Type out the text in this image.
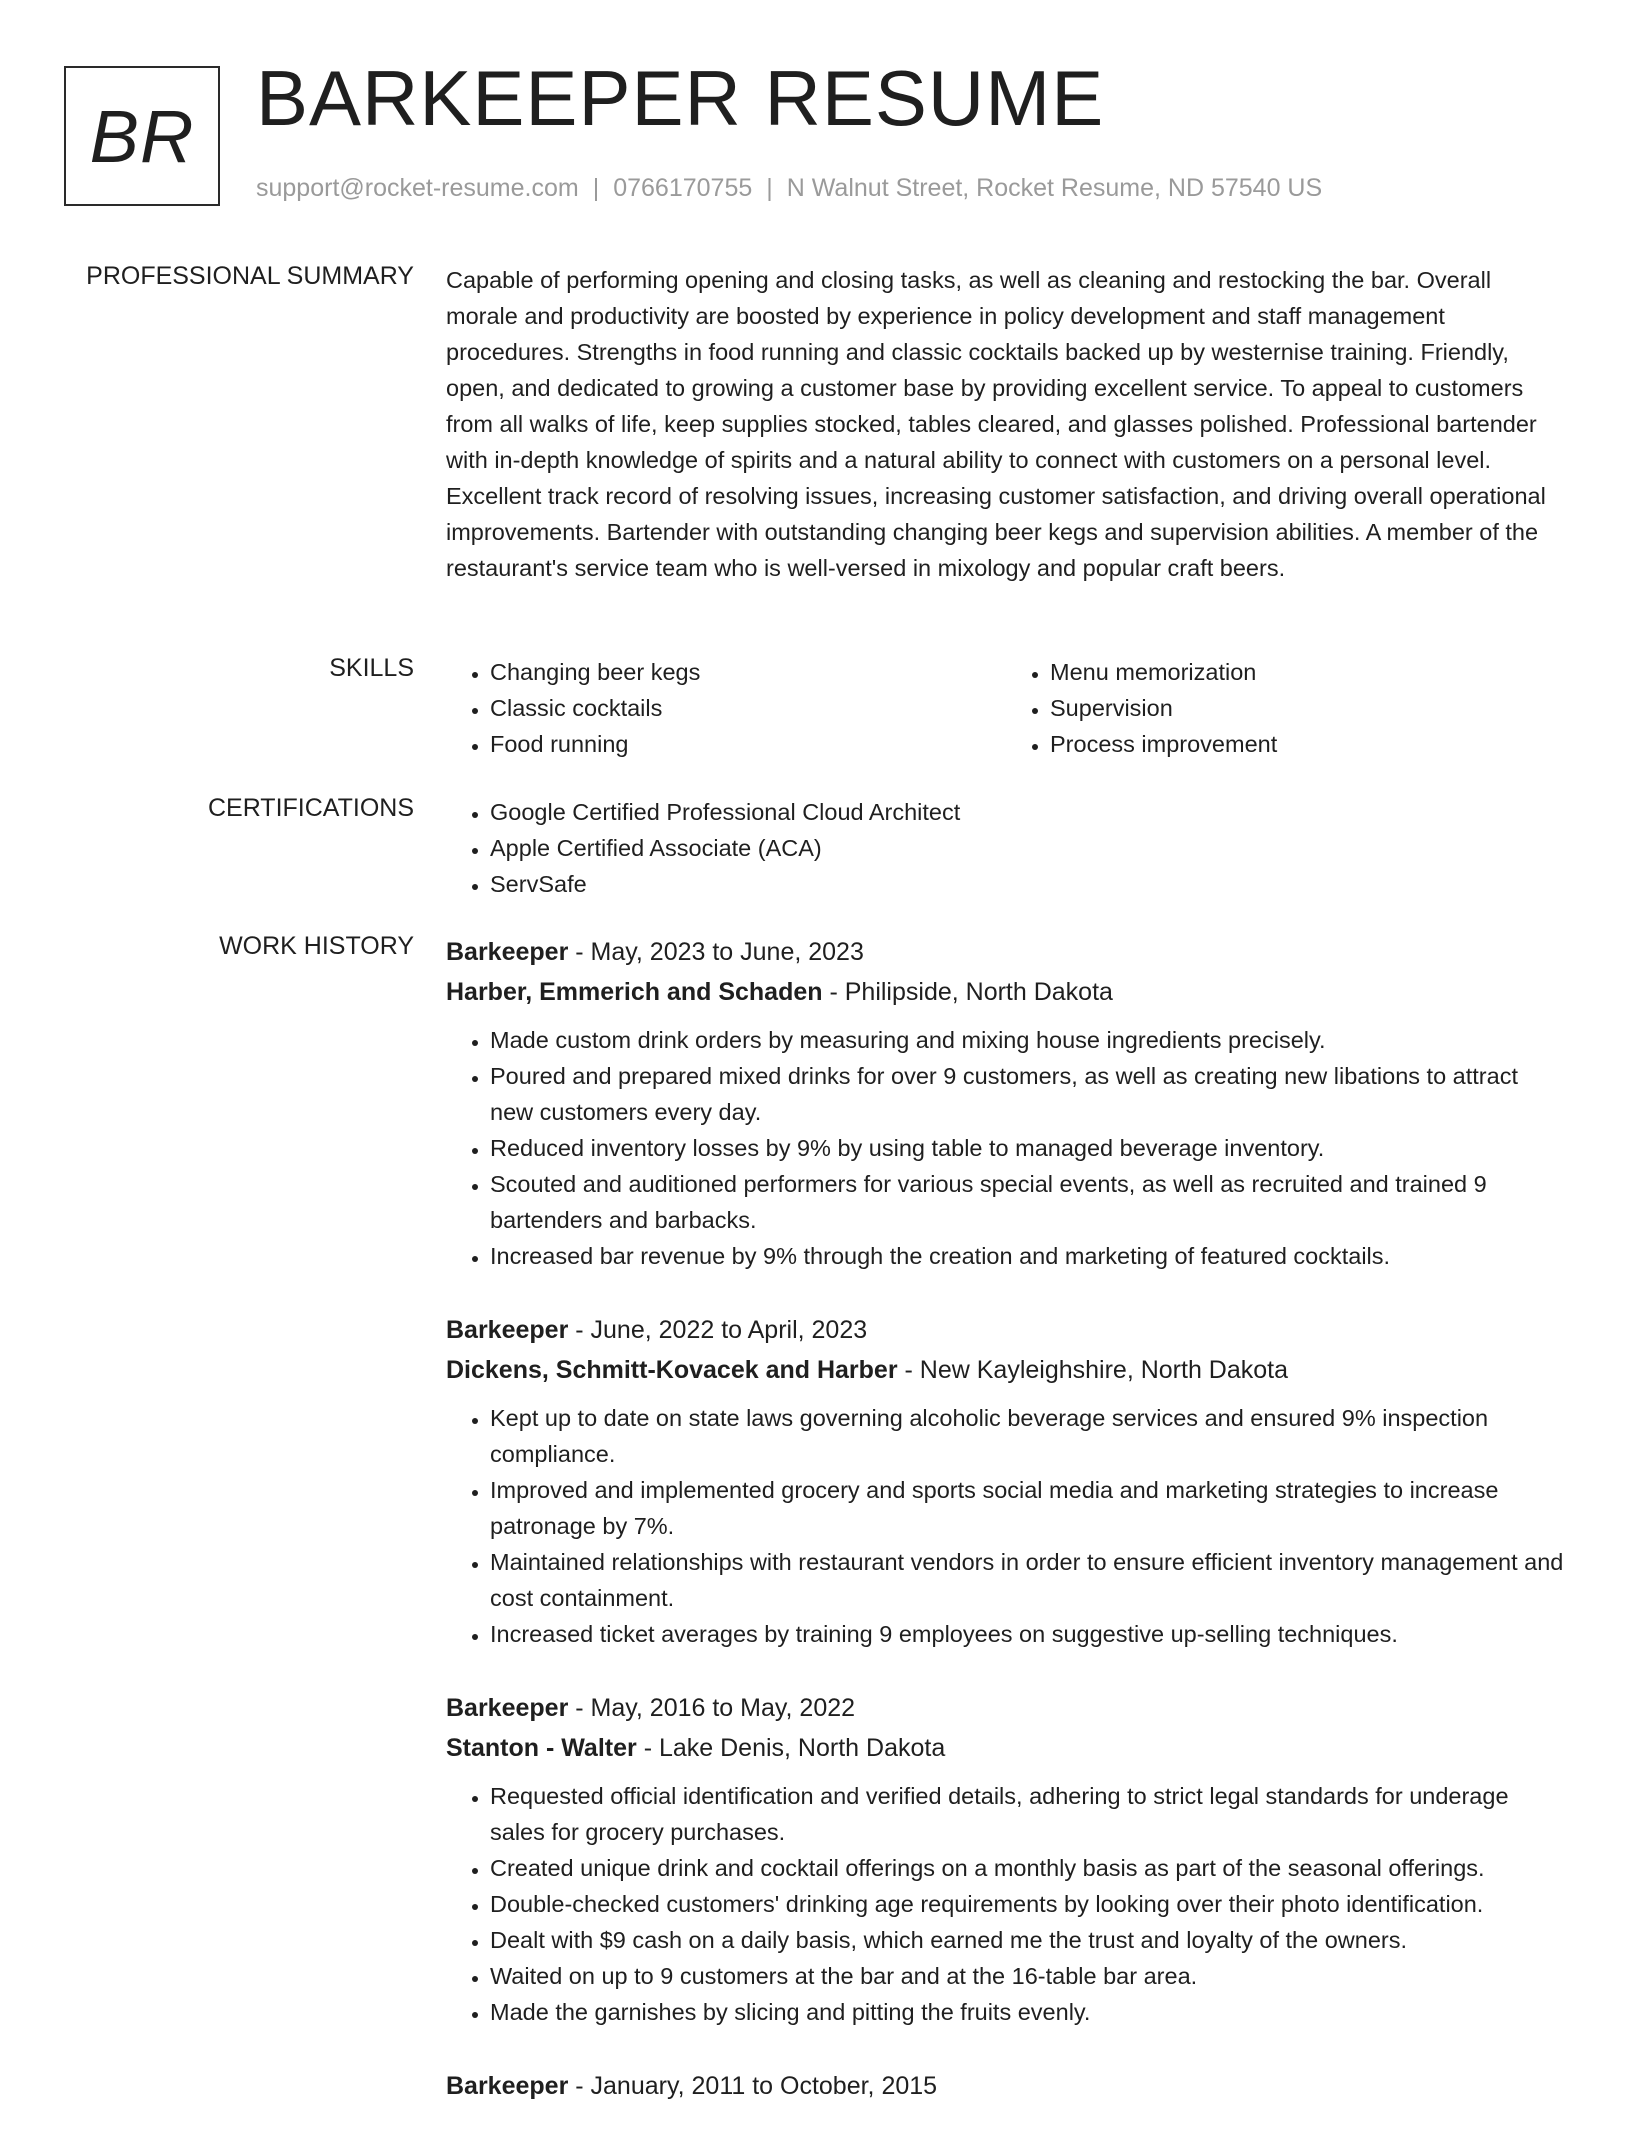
BR BARKEEPER RESUME
support@rocket-resume.com | 0766170755 | N Walnut Street, Rocket Resume, ND 57540 US
PROFESSIONAL SUMMARY Capable of performing opening and closing tasks, as well as cleaning and restocking the bar. Overall morale and productivity are boosted by experience in policy development and staff management procedures. Strengths in food running and classic cocktails backed up by westernise training. Friendly, open, and dedicated to growing a customer base by providing excellent service. To appeal to customers from all walks of life, keep supplies stocked, tables cleared, and glasses polished. Professional bartender with in-depth knowledge of spirits and a natural ability to connect with customers on a personal level. Excellent track record of resolving issues, increasing customer satisfaction, and driving overall operational improvements. Bartender with outstanding changing beer kegs and supervision abilities. A member of the restaurant's service team who is well-versed in mixology and popular craft beers.

SKILLS	• Changing beer kegs
• Classic cocktails
• Food running
• Menu memorization
• Supervision
• Process improvement
CERTIFICATIONS	• Google Certified Professional Cloud Architect
• Apple Certified Associate (ACA)
• ServSafe
WORK HISTORY Barkeeper - May, 2023 to June, 2023
Harber, Emmerich and Schaden - Philipside, North Dakota
• Made custom drink orders by measuring and mixing house ingredients precisely.
• Poured and prepared mixed drinks for over 9 customers, as well as creating new libations to attract new customers every day.
• Reduced inventory losses by 9% by using table to managed beverage inventory.
• Scouted and auditioned performers for various special events, as well as recruited and trained 9 bartenders and barbacks.
• Increased bar revenue by 9% through the creation and marketing of featured cocktails.
Barkeeper - June, 2022 to April, 2023
Dickens, Schmitt-Kovacek and Harber - New Kayleighshire, North Dakota
• Kept up to date on state laws governing alcoholic beverage services and ensured 9% inspection compliance.
• Improved and implemented grocery and sports social media and marketing strategies to increase patronage by 7%.
• Maintained relationships with restaurant vendors in order to ensure efficient inventory management and cost containment.
• Increased ticket averages by training 9 employees on suggestive up-selling techniques.
Barkeeper - May, 2016 to May, 2022
Stanton - Walter - Lake Denis, North Dakota
• Requested official identification and verified details, adhering to strict legal standards for underage sales for grocery purchases.
• Created unique drink and cocktail offerings on a monthly basis as part of the seasonal offerings.
• Double-checked customers' drinking age requirements by looking over their photo identification.
• Dealt with $9 cash on a daily basis, which earned me the trust and loyalty of the owners.
• Waited on up to 9 customers at the bar and at the 16-table bar area.
• Made the garnishes by slicing and pitting the fruits evenly.
Barkeeper - January, 2011 to October, 2015
